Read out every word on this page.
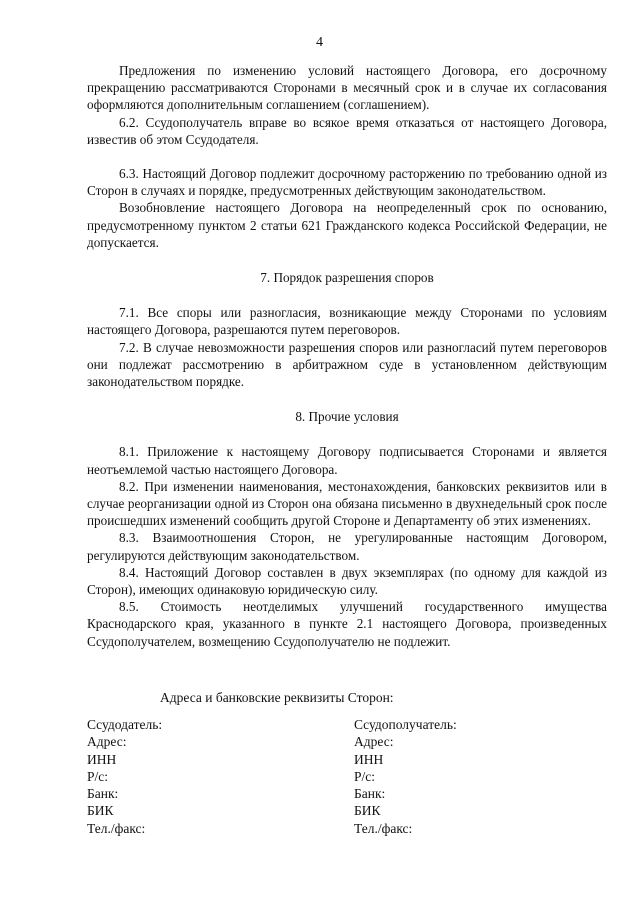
4

Предложения по изменению условий настоящего Договора, его досрочному прекращению рассматриваются Сторонами в месячный срок и в случае их согласования оформляются дополнительным соглашением (соглашением).

6.2. Ссудополучатель вправе во всякое время отказаться от настоящего Договора, известив об этом Ссудодателя.

6.3. Настоящий Договор подлежит досрочному расторжению по требованию одной из Сторон в случаях и порядке, предусмотренных действующим законодательством.

Возобновление настоящего Договора на неопределенный срок по основанию, предусмотренному пунктом 2 статьи 621 Гражданского кодекса Российской Федерации, не допускается.

7. Порядок разрешения споров

7.1. Все споры или разногласия, возникающие между Сторонами по условиям настоящего Договора, разрешаются путем переговоров.

7.2. В случае невозможности разрешения споров или разногласий путем переговоров они подлежат рассмотрению в арбитражном суде в установленном действующим законодательством порядке.

8. Прочие условия

8.1. Приложение к настоящему Договору подписывается Сторонами и является неотъемлемой частью настоящего Договора.

8.2. При изменении наименования, местонахождения, банковских реквизитов или в случае реорганизации одной из Сторон она обязана письменно в двухнедельный срок после происшедших изменений сообщить другой Стороне и Департаменту об этих изменениях.

8.3. Взаимоотношения Сторон, не урегулированные настоящим Договором, регулируются действующим законодательством.

8.4. Настоящий Договор составлен в двух экземплярах (по одному для каждой из Сторон), имеющих одинаковую юридическую силу.

8.5. Стоимость неотделимых улучшений государственного имущества Краснодарского края, указанного в пункте 2.1 настоящего Договора, произведенных Ссудополучателем, возмещению Ссудополучателю не подлежит.

Адреса и банковские реквизиты Сторон:
Ссудодатель:
Адрес:
ИНН
Р/с:
Банк:
БИК
Тел./факс:
Ссудополучатель:
Адрес:
ИНН
Р/с:
Банк:
БИК
Тел./факс:
